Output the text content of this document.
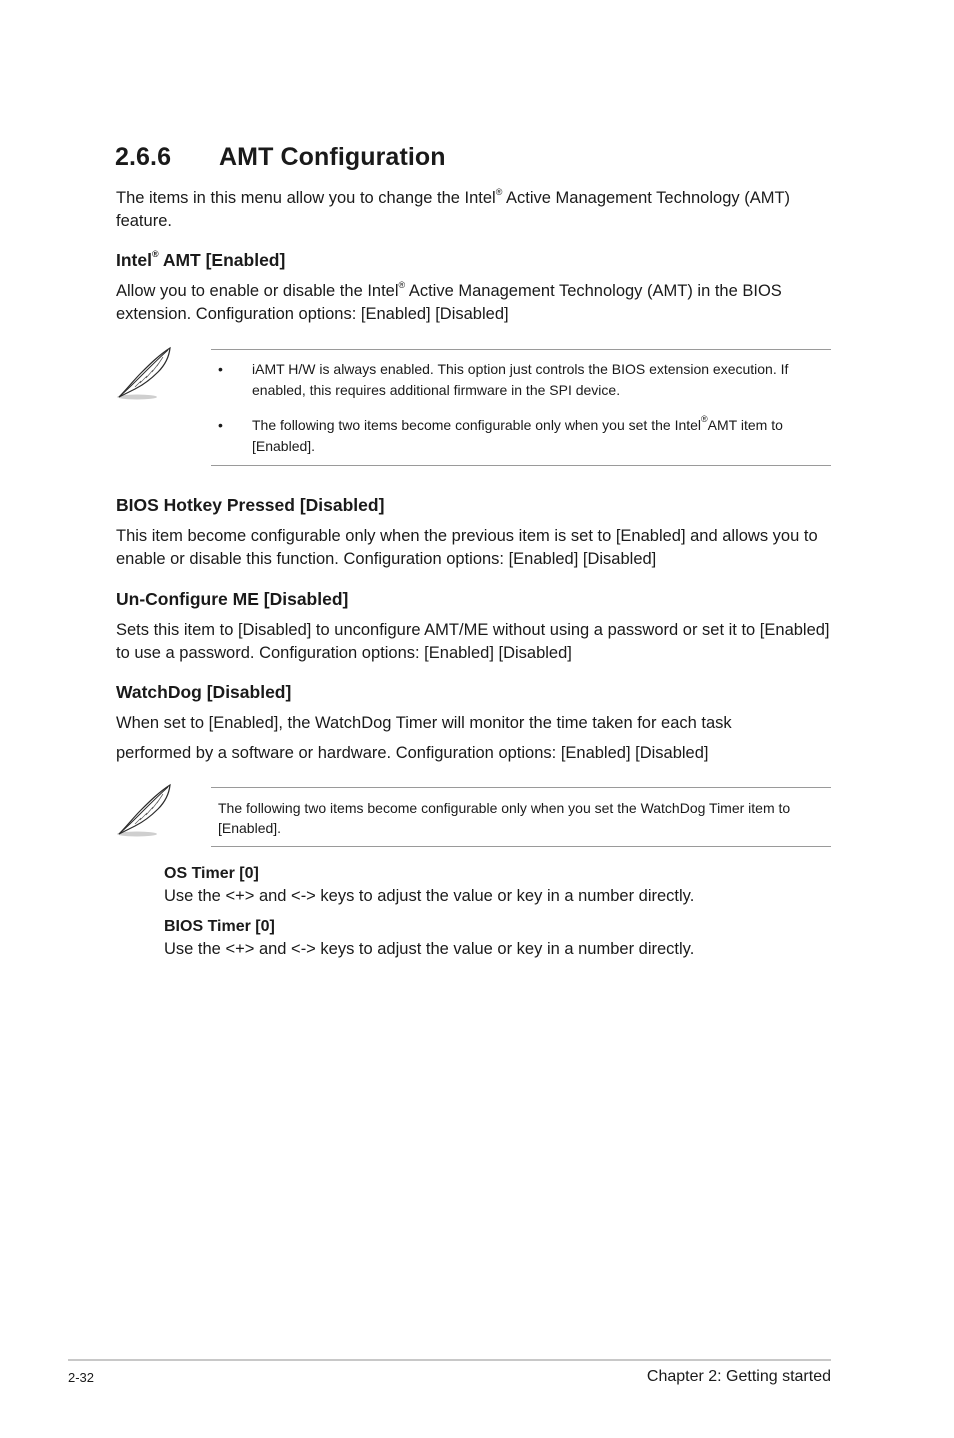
2.6.6 AMT Configuration

The items in this menu allow you to change the Intel® Active Management Technology (AMT) feature.

Intel® AMT [Enabled]

Allow you to enable or disable the Intel® Active Management Technology (AMT) in the BIOS extension. Configuration options: [Enabled] [Disabled]

• iAMT H/W is always enabled. This option just controls the BIOS extension execution. If enabled, this requires additional firmware in the SPI device.
• The following two items become configurable only when you set the Intel®AMT item to [Enabled].
BIOS Hotkey Pressed [Disabled]

This item become configurable only when the previous item is set to [Enabled] and allows you to enable or disable this function. Configuration options: [Enabled] [Disabled]

Un-Configure ME [Disabled]

Sets this item to [Disabled] to unconfigure AMT/ME without using a password or set it to [Enabled] to use a password. Configuration options: [Enabled] [Disabled]

WatchDog [Disabled]

When set to [Enabled], the WatchDog Timer will monitor the time taken for each task

performed by a software or hardware. Configuration options: [Enabled] [Disabled]

The following two items become configurable only when you set the WatchDog Timer item to [Enabled].

OS Timer [0]

Use the <+> and <-> keys to adjust the value or key in a number directly.

BIOS Timer [0]

Use the <+> and <-> keys to adjust the value or key in a number directly.

2-32	Chapter 2: Getting started
